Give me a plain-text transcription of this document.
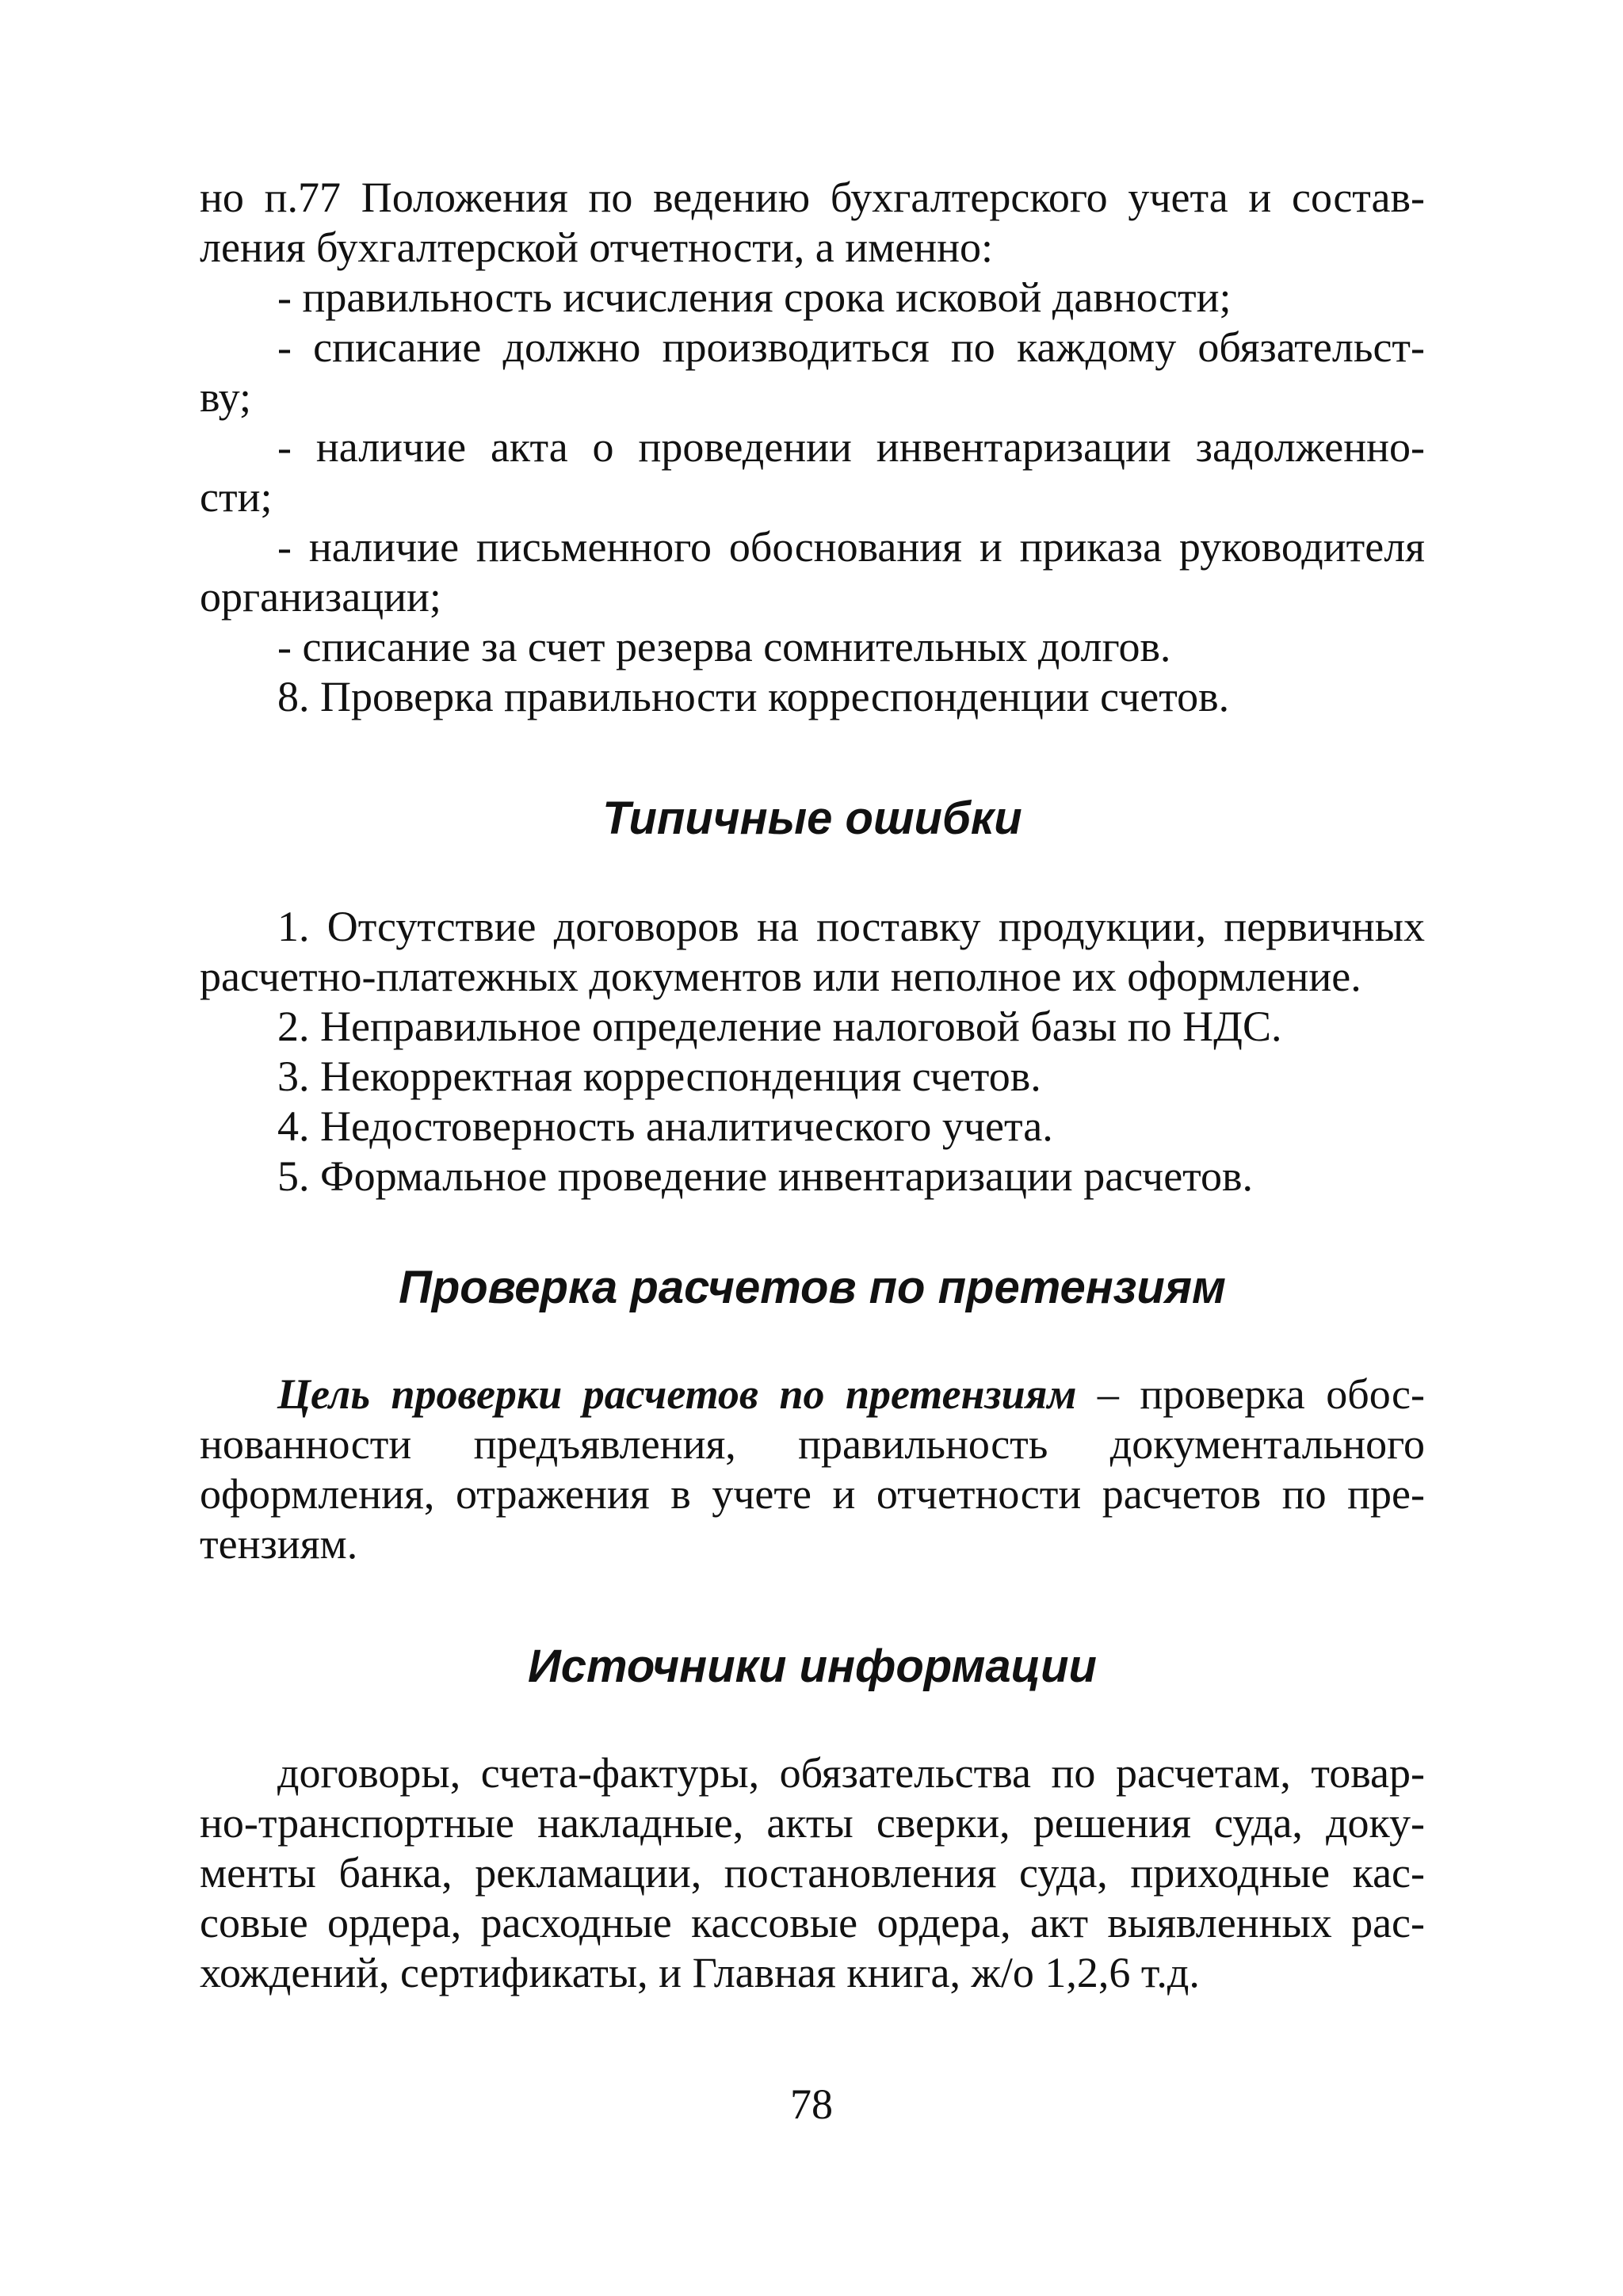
но п.77 Положения по ведению бухгалтерского учета и состав-
ления бухгалтерской отчетности, а именно:
- правильность исчисления срока исковой давности;
- списание должно производиться по каждому обязательст-
ву;
- наличие акта о проведении инвентаризации задолженно-
сти;
- наличие письменного обоснования и приказа руководителя
организации;
- списание за счет резерва сомнительных долгов.
8. Проверка правильности корреспонденции счетов.
Типичные ошибки
1. Отсутствие договоров на поставку продукции, первичных
расчетно-платежных документов или неполное их оформление.
2. Неправильное определение налоговой базы по НДС.
3. Некорректная корреспонденция счетов.
4. Недостоверность аналитического учета.
5. Формальное проведение инвентаризации расчетов.
Проверка расчетов по претензиям
Цель проверки расчетов по претензиям – проверка обос-
нованности предъявления, правильность документального
оформления, отражения в учете и отчетности расчетов по пре-
тензиям.
Источники информации
договоры, счета-фактуры, обязательства по расчетам, товар-
но-транспортные накладные, акты сверки, решения суда, доку-
менты банка, рекламации, постановления суда, приходные кас-
совые ордера, расходные кассовые ордера, акт выявленных рас-
хождений, сертификаты, и Главная книга, ж/о 1,2,6 т.д.
78
